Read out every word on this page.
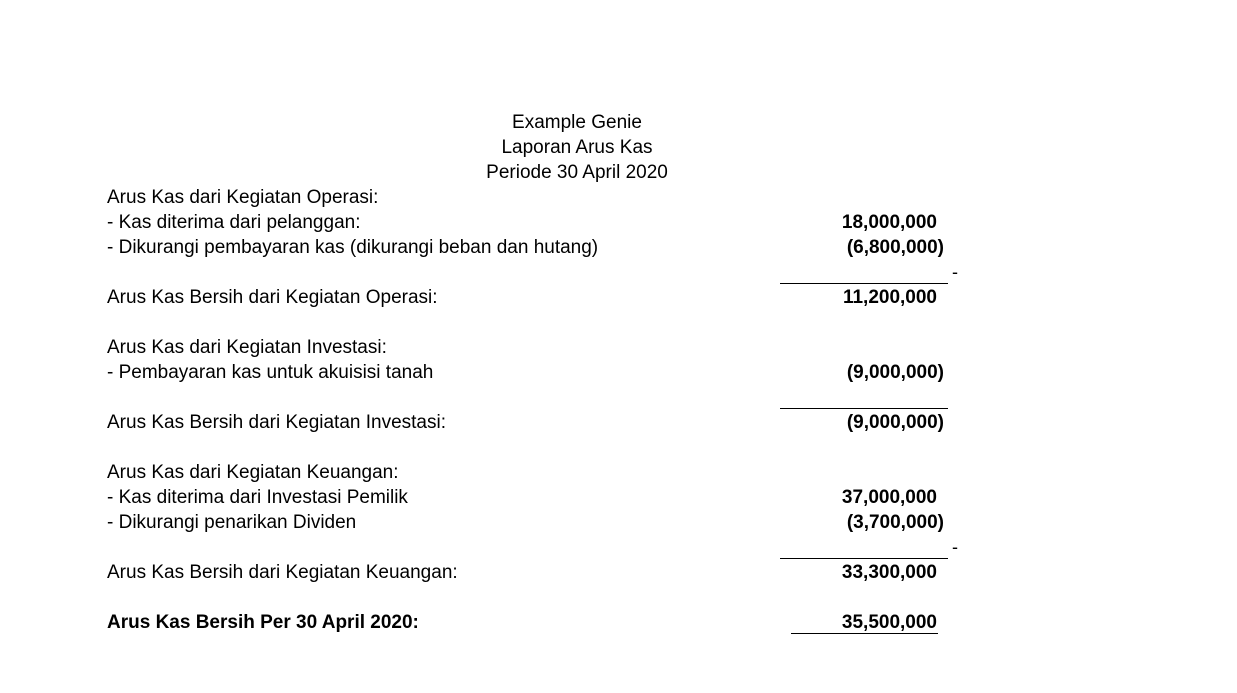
Example Genie
Laporan Arus Kas
Periode 30 April 2020
Arus Kas dari Kegiatan Operasi:
- Kas diterima dari pelanggan:	18,000,000
- Dikurangi pembayaran kas (dikurangi beban dan hutang)	(6,800,000)
-
Arus Kas Bersih dari Kegiatan Operasi:	11,200,000
Arus Kas dari Kegiatan Investasi:
- Pembayaran kas untuk akuisisi tanah	(9,000,000)
Arus Kas Bersih dari Kegiatan Investasi:	(9,000,000)
Arus Kas dari Kegiatan Keuangan:
- Kas diterima dari Investasi Pemilik	37,000,000
- Dikurangi penarikan Dividen	(3,700,000)
-
Arus Kas Bersih dari Kegiatan Keuangan:	33,300,000
Arus Kas Bersih Per 30 April 2020:	35,500,000
